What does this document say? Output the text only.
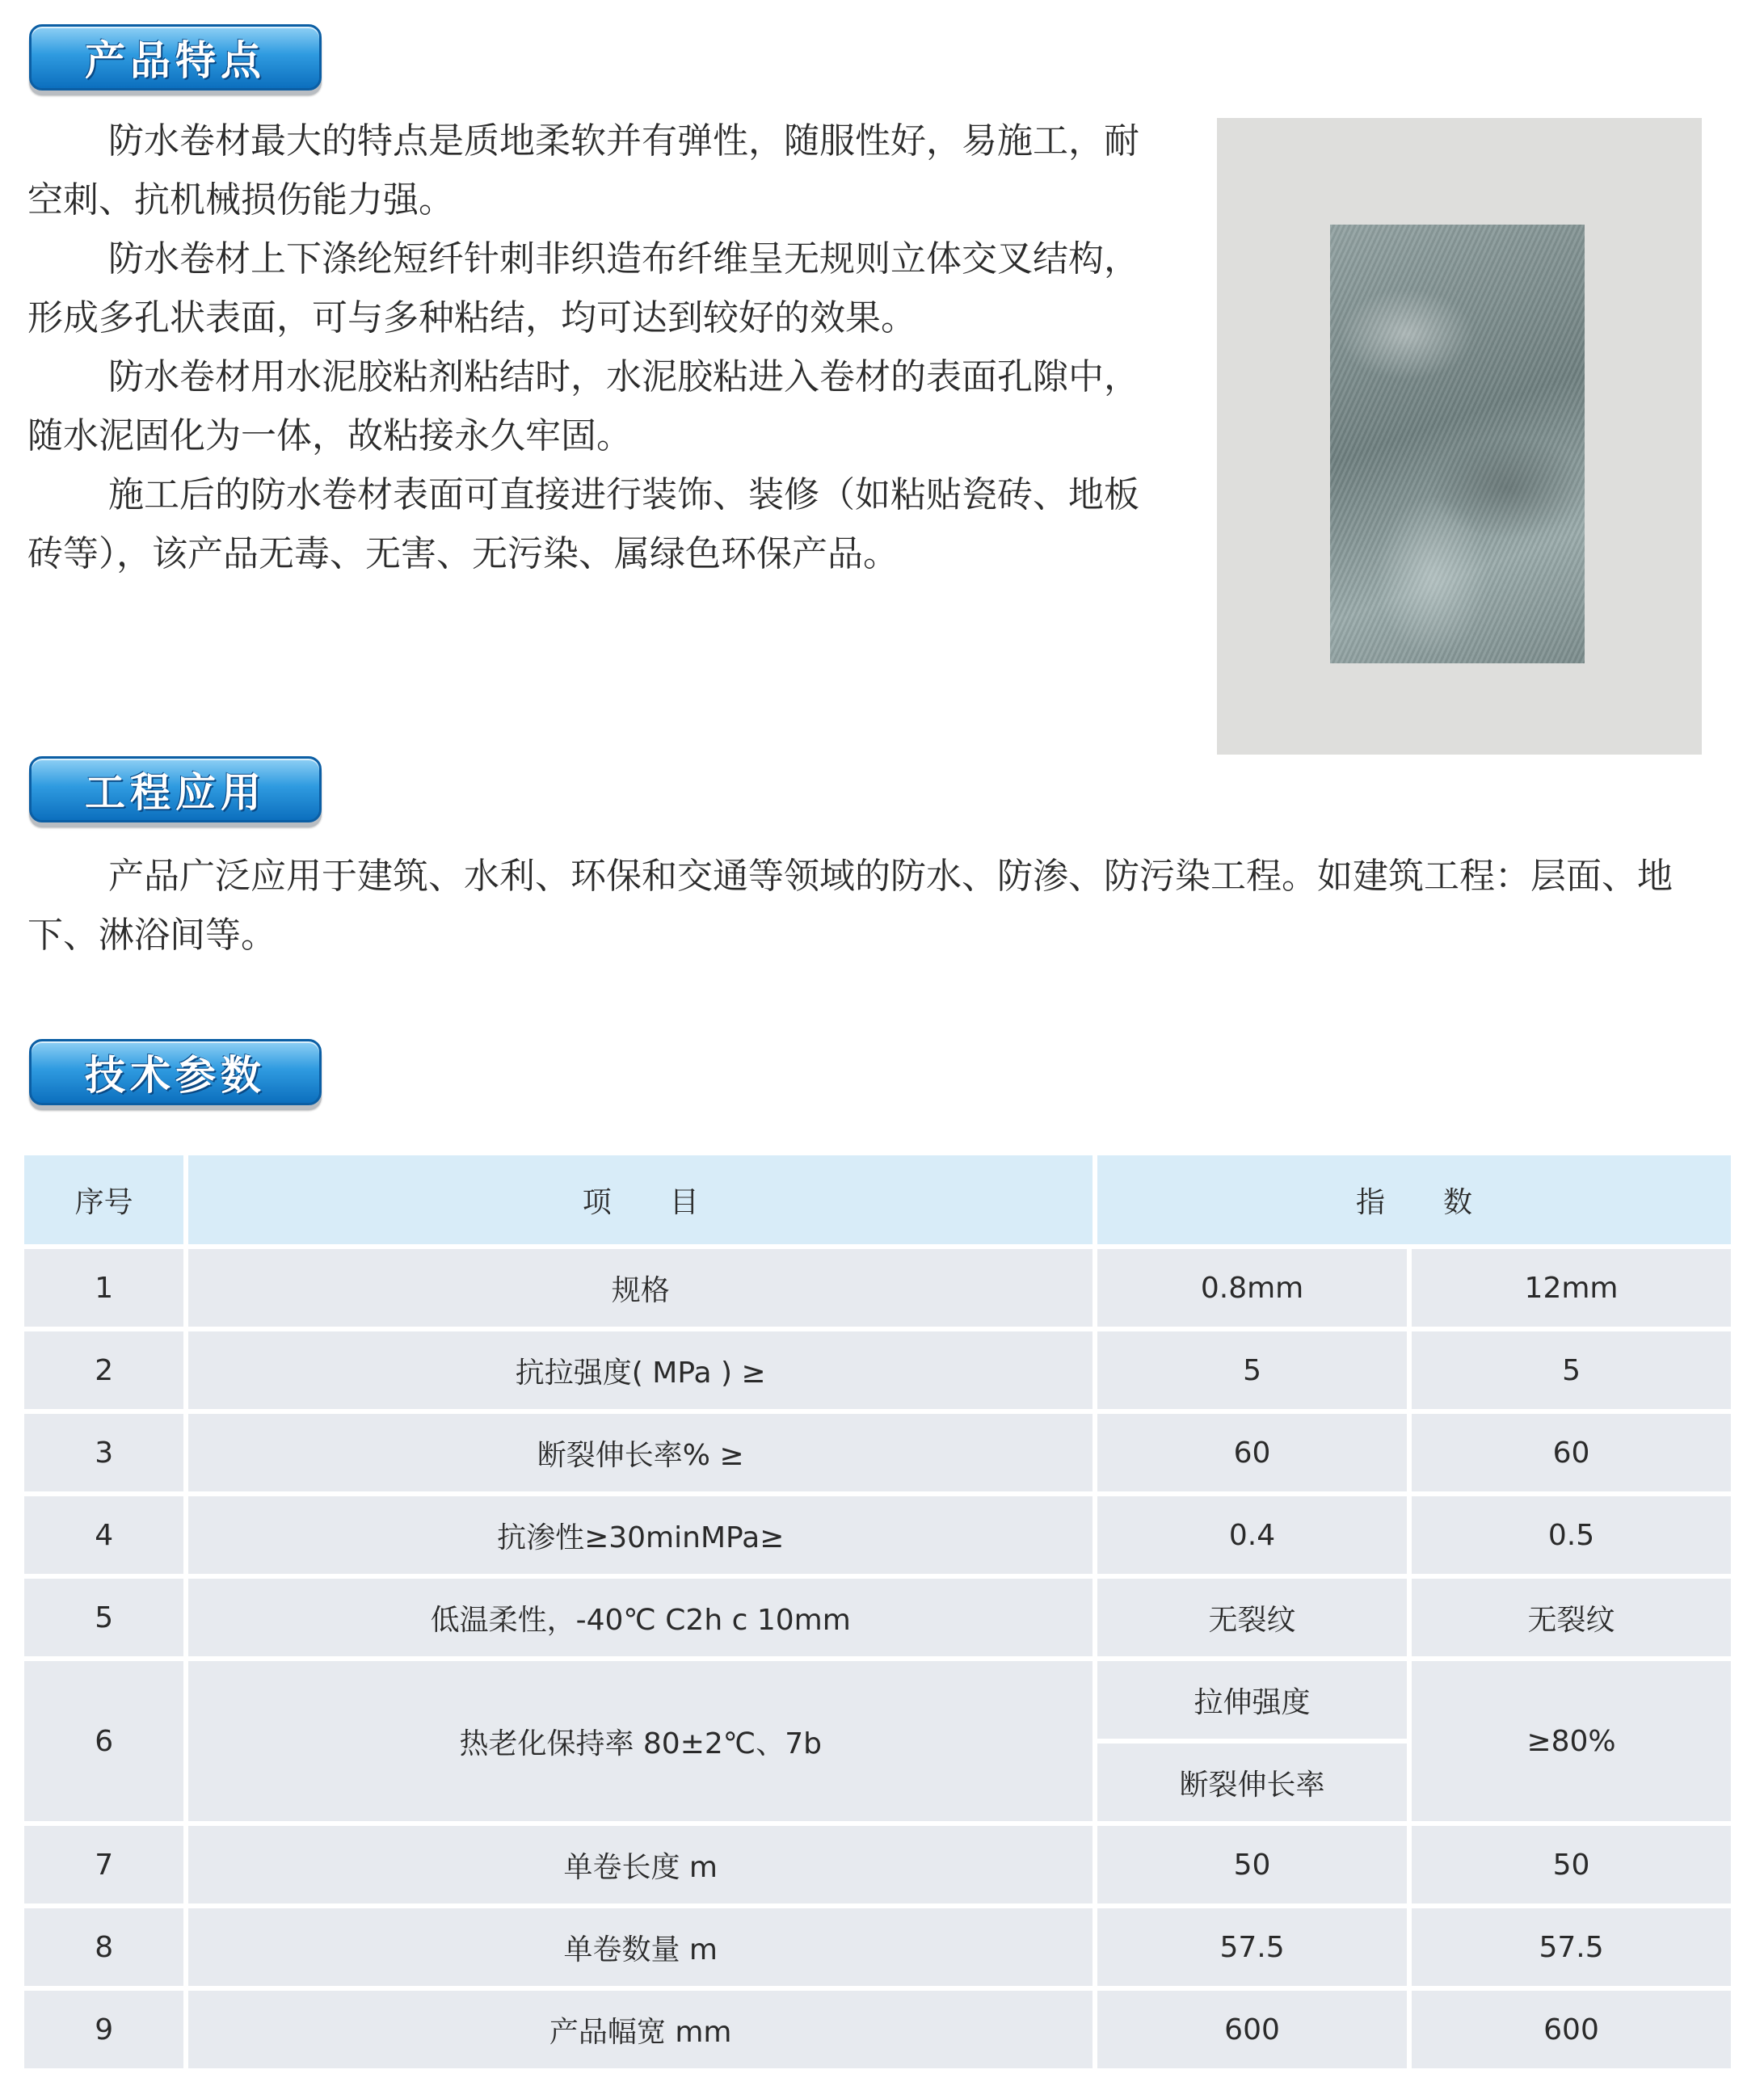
产品特点

防水卷材最大的特点是质地柔软并有弹性，随服性好，易施工，耐空刺、抗机械损伤能力强。

防水卷材上下涤纶短纤针刺非织造布纤维呈无规则立体交叉结构，形成多孔状表面，可与多种粘结，均可达到较好的效果。

防水卷材用水泥胶粘剂粘结时，水泥胶粘进入卷材的表面孔隙中，随水泥固化为一体，故粘接永久牢固。

施工后的防水卷材表面可直接进行装饰、装修（如粘贴瓷砖、地板砖等），该产品无毒、无害、无污染、属绿色环保产品。

工程应用

产品广泛应用于建筑、水利、环保和交通等领域的防水、防渗、防污染工程。如建筑工程：层面、地下、淋浴间等。

技术参数
序号	项　　目	指　　数	
1	规格	0.8mm	12mm
2	抗拉强度( MPa ) ≥	5	5
3	断裂伸长率% ≥	60	60
4	抗渗性≥30minMPa≥	0.4	0.5
5	低温柔性，-40℃ C2h c 10mm	无裂纹	无裂纹
6	热老化保持率 80±2℃、7b	拉伸强度	≥80%
		断裂伸长率	
7	单卷长度 m	50	50
8	单卷数量 m	57.5	57.5
9	产品幅宽 mm	600	600
